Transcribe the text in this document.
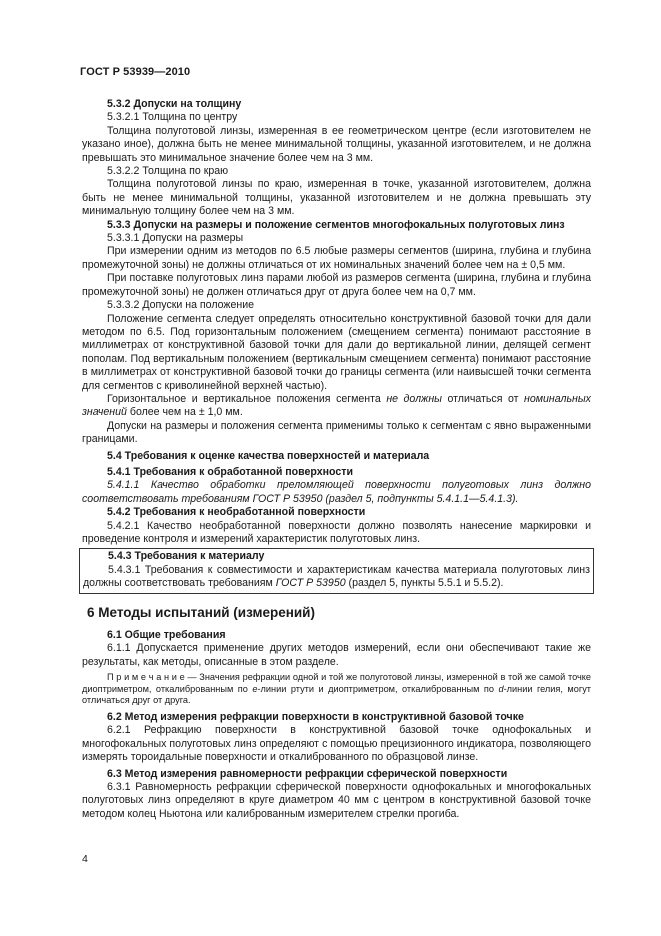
ГОСТ Р 53939—2010

5.3.2 Допуски на толщину

5.3.2.1 Толщина по центру

Толщина полуготовой линзы, измеренная в ее геометрическом центре (если изготовителем не указано иное), должна быть не менее минимальной толщины, указанной изготовителем, и не должна превышать это минимальное значение более чем на 3 мм.

5.3.2.2 Толщина по краю

Толщина полуготовой линзы по краю, измеренная в точке, указанной изготовителем, должна быть не менее минимальной толщины, указанной изготовителем и не должна превышать эту минимальную толщину более чем на 3 мм.

5.3.3 Допуски на размеры и положение сегментов многофокальных полуготовых линз

5.3.3.1 Допуски на размеры

При измерении одним из методов по 6.5 любые размеры сегментов (ширина, глубина и глубина промежуточной зоны) не должны отличаться от их номинальных значений более чем на ± 0,5 мм.

При поставке полуготовых линз парами любой из размеров сегмента (ширина, глубина и глубина промежуточной зоны) не должен отличаться друг от друга более чем на 0,7 мм.

5.3.3.2 Допуски на положение

Положение сегмента следует определять относительно конструктивной базовой точки для дали методом по 6.5. Под горизонтальным положением (смещением сегмента) понимают расстояние в миллиметрах от конструктивной базовой точки для дали до вертикальной линии, делящей сегмент пополам. Под вертикальным положением (вертикальным смещением сегмента) понимают расстояние в миллиметрах от конструктивной базовой точки до границы сегмента (или наивысшей точки сегмента для сегментов с криволинейной верхней частью).

Горизонтальное и вертикальное положения сегмента не должны отличаться от номинальных значений более чем на ± 1,0 мм.

Допуски на размеры и положения сегмента применимы только к сегментам с явно выраженными границами.

5.4 Требования к оценке качества поверхностей и материала

5.4.1 Требования к обработанной поверхности

5.4.1.1 Качество обработки преломляющей поверхности полуготовых линз должно соответствовать требованиям ГОСТ Р 53950 (раздел 5, подпункты 5.4.1.1—5.4.1.3).

5.4.2 Требования к необработанной поверхности

5.4.2.1 Качество необработанной поверхности должно позволять нанесение маркировки и проведение контроля и измерений характеристик полуготовых линз.

5.4.3 Требования к материалу

5.4.3.1 Требования к совместимости и характеристикам качества материала полуготовых линз должны соответствовать требованиям ГОСТ Р 53950 (раздел 5, пункты 5.5.1 и 5.5.2).

6 Методы испытаний (измерений)

6.1 Общие требования

6.1.1 Допускается применение других методов измерений, если они обеспечивают такие же результаты, как методы, описанные в этом разделе.

П р и м е ч а н и е — Значения рефракции одной и той же полуготовой линзы, измеренной в той же самой точке диоптриметром, откалиброванным по e-линии ртути и диоптриметром, откалиброванным по d-линии гелия, могут отличаться друг от друга.

6.2 Метод измерения рефракции поверхности в конструктивной базовой точке

6.2.1 Рефракцию поверхности в конструктивной базовой точке однофокальных и многофокальных полуготовых линз определяют с помощью прецизионного индикатора, позволяющего измерять тороидальные поверхности и откалиброванного по образцовой линзе.

6.3 Метод измерения равномерности рефракции сферической поверхности

6.3.1 Равномерность рефракции сферической поверхности однофокальных и многофокальных полуготовых линз определяют в круге диаметром 40 мм с центром в конструктивной базовой точке методом колец Ньютона или калиброванным измерителем стрелки прогиба.

4
